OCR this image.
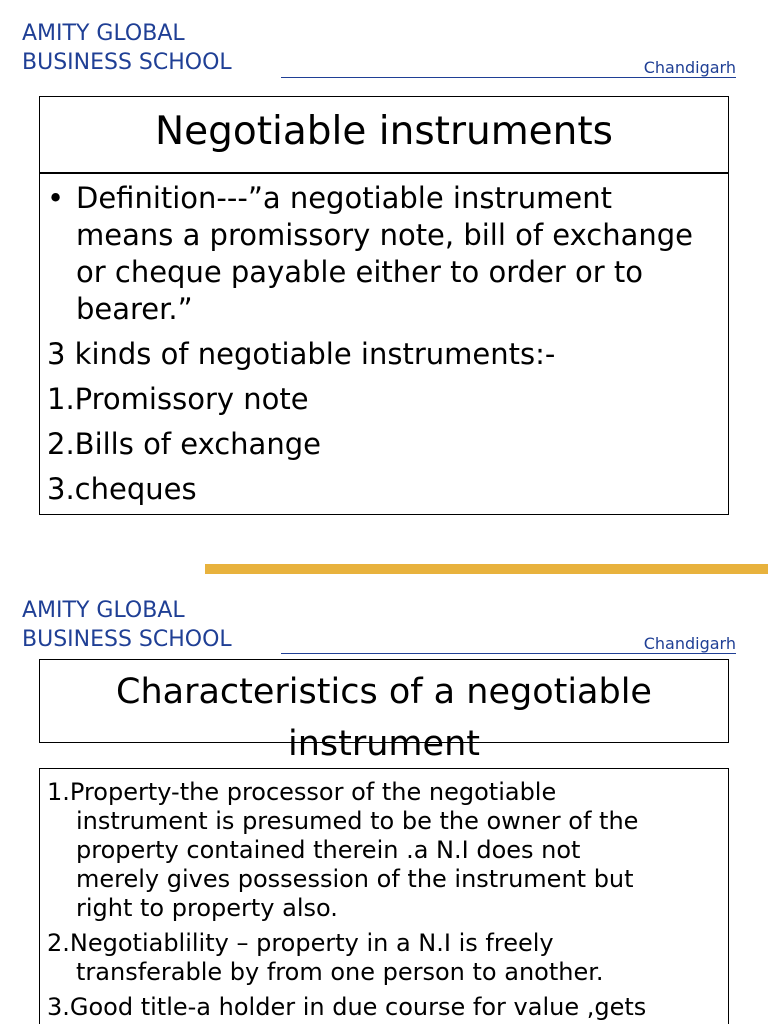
AMITY GLOBAL
BUSINESS SCHOOL	Chandigarh
Negotiable instruments
• Definition---”a negotiable instrument
means a promissory note, bill of exchange
or cheque payable either to order or to
bearer.”
3 kinds of negotiable instruments:-
1.Promissory note
2.Bills of exchange
3.cheques
AMITY GLOBAL
BUSINESS SCHOOL	Chandigarh
Characteristics of a negotiable
instrument
1.Property-the processor of the negotiable
instrument is presumed to be the owner of the
property contained therein .a N.I does not
merely gives possession of the instrument but
right to property also.
2.Negotiablility – property in a N.I is freely
transferable by from one person to another.
3.Good title-a holder in due course for value ,gets
